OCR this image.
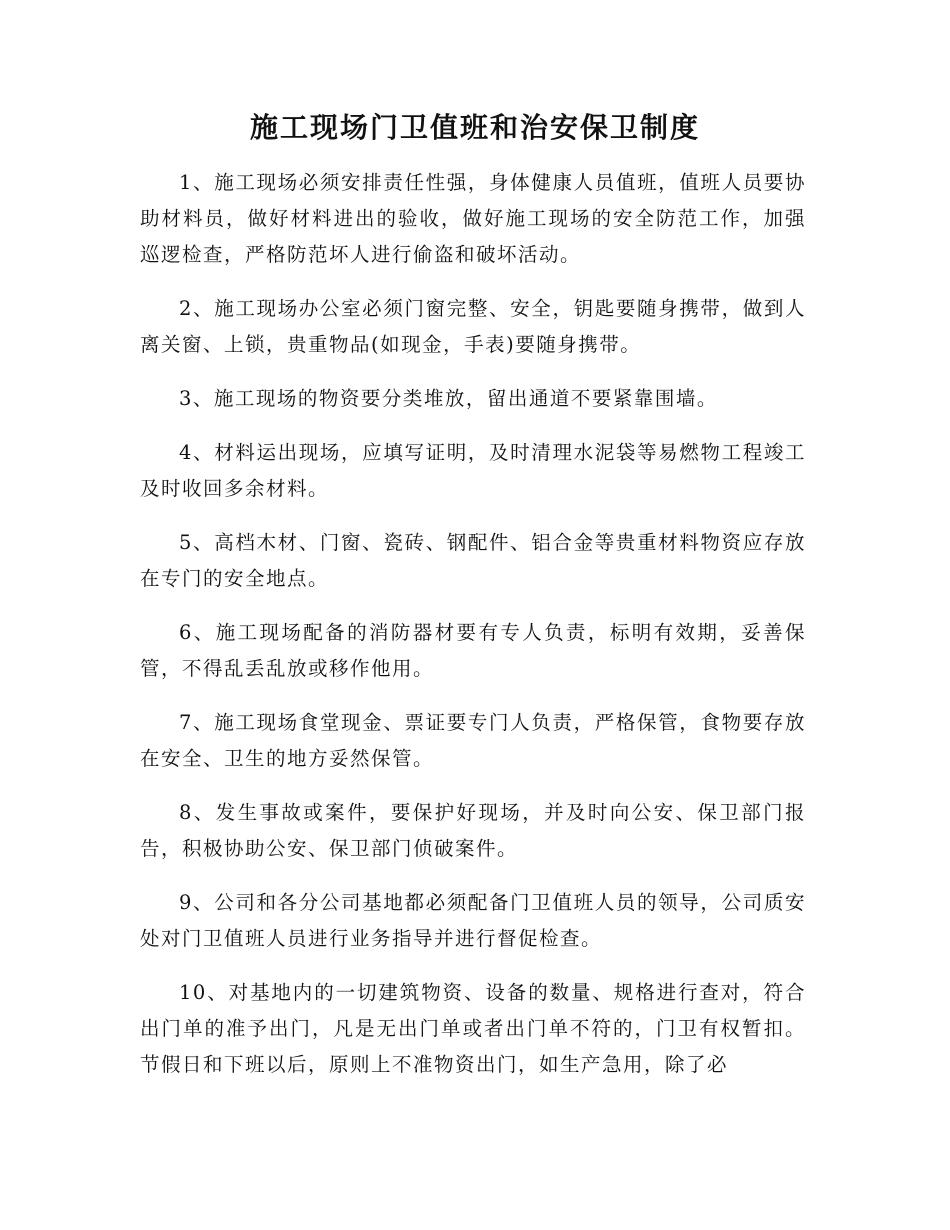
施工现场门卫值班和治安保卫制度

1、施工现场必须安排责任性强，身体健康人员值班，值班人员要协助材料员，做好材料进出的验收，做好施工现场的安全防范工作，加强巡逻检查，严格防范坏人进行偷盗和破坏活动。

2、施工现场办公室必须门窗完整、安全，钥匙要随身携带，做到人离关窗、上锁，贵重物品(如现金，手表)要随身携带。

3、施工现场的物资要分类堆放，留出通道不要紧靠围墙。

4、材料运出现场，应填写证明，及时清理水泥袋等易燃物工程竣工及时收回多余材料。

5、高档木材、门窗、瓷砖、钢配件、铝合金等贵重材料物资应存放在专门的安全地点。

6、施工现场配备的消防器材要有专人负责，标明有效期，妥善保管，不得乱丢乱放或移作他用。

7、施工现场食堂现金、票证要专门人负责，严格保管，食物要存放在安全、卫生的地方妥然保管。

8、发生事故或案件，要保护好现场，并及时向公安、保卫部门报告，积极协助公安、保卫部门侦破案件。

9、公司和各分公司基地都必须配备门卫值班人员的领导，公司质安处对门卫值班人员进行业务指导并进行督促检查。

10、对基地内的一切建筑物资、设备的数量、规格进行查对，符合出门单的准予出门，凡是无出门单或者出门单不符的，门卫有权暂扣。节假日和下班以后，原则上不准物资出门，如生产急用，除了必
